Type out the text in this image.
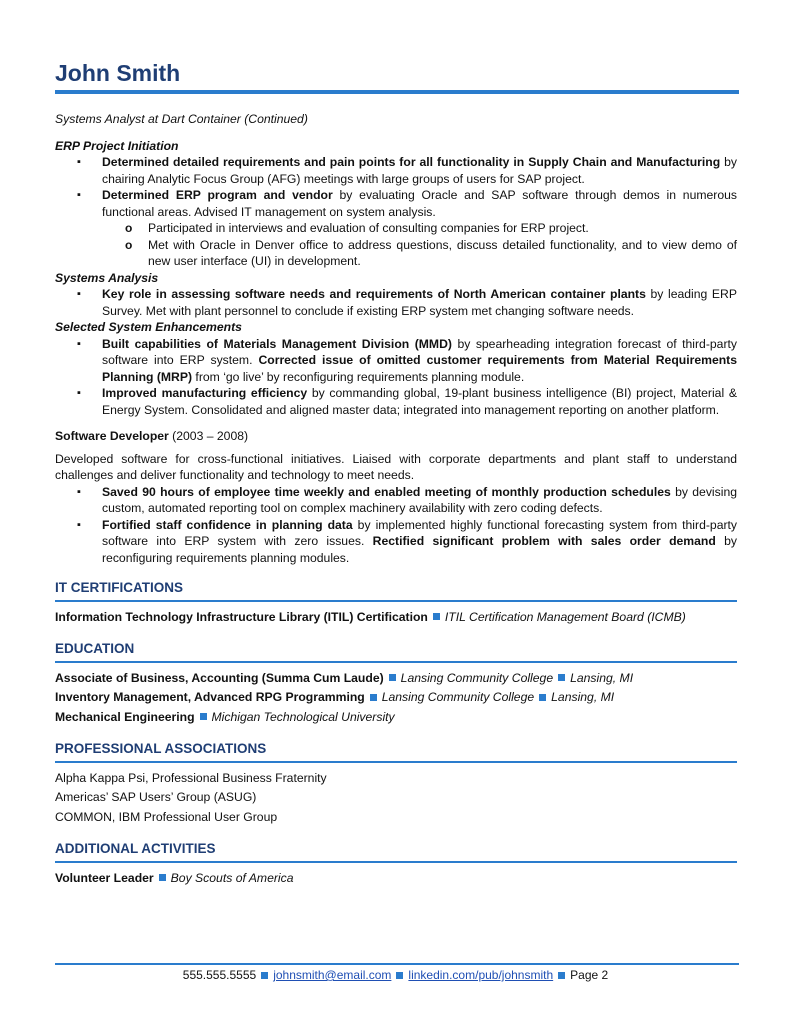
John Smith
Systems Analyst at Dart Container (Continued)
ERP Project Initiation
▪ Determined detailed requirements and pain points for all functionality in Supply Chain and Manufacturing by chairing Analytic Focus Group (AFG) meetings with large groups of users for SAP project.
▪ Determined ERP program and vendor by evaluating Oracle and SAP software through demos in numerous functional areas. Advised IT management on system analysis.
o Participated in interviews and evaluation of consulting companies for ERP project.
o Met with Oracle in Denver office to address questions, discuss detailed functionality, and to view demo of new user interface (UI) in development.
Systems Analysis
▪ Key role in assessing software needs and requirements of North American container plants by leading ERP Survey. Met with plant personnel to conclude if existing ERP system met changing software needs.
Selected System Enhancements
▪ Built capabilities of Materials Management Division (MMD) by spearheading integration forecast of third-party software into ERP system. Corrected issue of omitted customer requirements from Material Requirements Planning (MRP) from ‘go live’ by reconfiguring requirements planning module.
▪ Improved manufacturing efficiency by commanding global, 19-plant business intelligence (BI) project, Material & Energy System. Consolidated and aligned master data; integrated into management reporting on another platform.
Software Developer (2003 – 2008)
Developed software for cross-functional initiatives. Liaised with corporate departments and plant staff to understand challenges and deliver functionality and technology to meet needs.
▪ Saved 90 hours of employee time weekly and enabled meeting of monthly production schedules by devising custom, automated reporting tool on complex machinery availability with zero coding defects.
▪ Fortified staff confidence in planning data by implemented highly functional forecasting system from third-party software into ERP system with zero issues. Rectified significant problem with sales order demand by reconfiguring requirements planning modules.
IT CERTIFICATIONS
Information Technology Infrastructure Library (ITIL) Certification ITIL Certification Management Board (ICMB)
EDUCATION
Associate of Business, Accounting (Summa Cum Laude) Lansing Community College Lansing, MI
Inventory Management, Advanced RPG Programming Lansing Community College Lansing, MI
Mechanical Engineering Michigan Technological University
PROFESSIONAL ASSOCIATIONS
Alpha Kappa Psi, Professional Business Fraternity
Americas’ SAP Users’ Group (ASUG)
COMMON, IBM Professional User Group
ADDITIONAL ACTIVITIES
Volunteer Leader Boy Scouts of America
555.555.5555 johnsmith@email.com linkedin.com/pub/johnsmith Page 2
